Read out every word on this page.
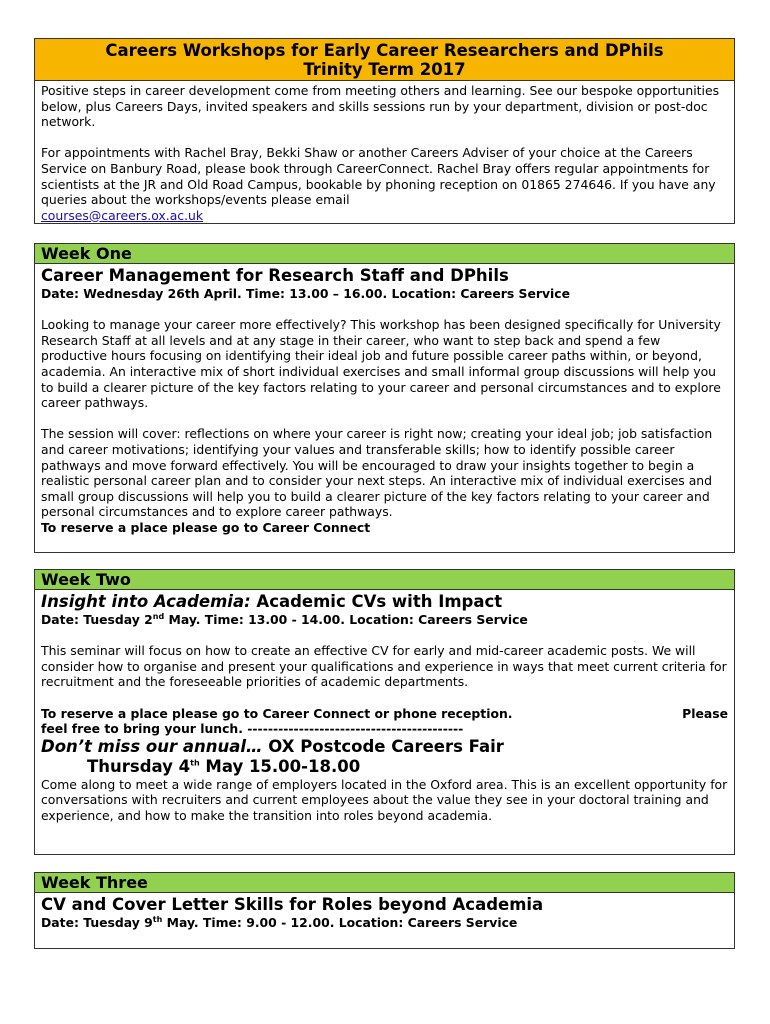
Careers Workshops for Early Career Researchers and DPhils
Trinity Term 2017

Positive steps in career development come from meeting others and learning. See our bespoke opportunities below, plus Careers Days, invited speakers and skills sessions run by your department, division or post-doc network.

For appointments with Rachel Bray, Bekki Shaw or another Careers Adviser of your choice at the Careers Service on Banbury Road, please book through CareerConnect. Rachel Bray offers regular appointments for scientists at the JR and Old Road Campus, bookable by phoning reception on 01865 274646. If you have any queries about the workshops/events please email
courses@careers.ox.ac.uk

Week One
Career Management for Research Staff and DPhils
Date: Wednesday 26th April. Time: 13.00 – 16.00. Location: Careers Service

Looking to manage your career more effectively? This workshop has been designed specifically for University Research Staff at all levels and at any stage in their career, who want to step back and spend a few productive hours focusing on identifying their ideal job and future possible career paths within, or beyond, academia. An interactive mix of short individual exercises and small informal group discussions will help you to build a clearer picture of the key factors relating to your career and personal circumstances and to explore career pathways.

The session will cover: reflections on where your career is right now; creating your ideal job; job satisfaction and career motivations; identifying your values and transferable skills; how to identify possible career pathways and move forward effectively. You will be encouraged to draw your insights together to begin a realistic personal career plan and to consider your next steps. An interactive mix of individual exercises and small group discussions will help you to build a clearer picture of the key factors relating to your career and personal circumstances and to explore career pathways.

To reserve a place please go to Career Connect

Week Two
Insight into Academia: Academic CVs with Impact
Date: Tuesday 2nd May. Time: 13.00 - 14.00. Location: Careers Service

This seminar will focus on how to create an effective CV for early and mid-career academic posts. We will consider how to organise and present your qualifications and experience in ways that meet current criteria for recruitment and the foreseeable priorities of academic departments.

To reserve a place please go to Career Connect or phone reception.	Please
feel free to bring your lunch. ------------------------------------------
Don’t miss our annual… OX Postcode Careers Fair
Thursday 4th May 15.00-18.00

Come along to meet a wide range of employers located in the Oxford area. This is an excellent opportunity for conversations with recruiters and current employees about the value they see in your doctoral training and experience, and how to make the transition into roles beyond academia.

Week Three
CV and Cover Letter Skills for Roles beyond Academia
Date: Tuesday 9th May. Time: 9.00 - 12.00. Location: Careers Service
